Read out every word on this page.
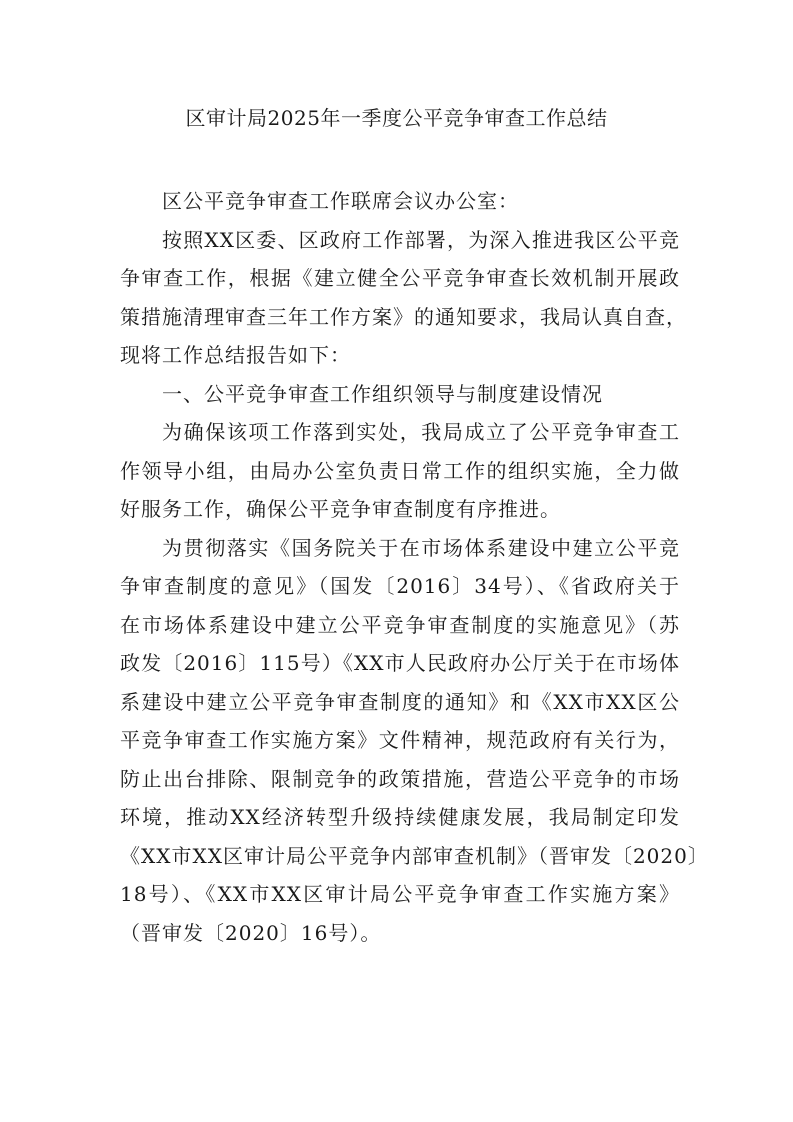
区审计局2025年一季度公平竞争审查工作总结

区公平竞争审查工作联席会议办公室：

按照XX区委、区政府工作部署，为深入推进我区公平竞
争审查工作，根据《建立健全公平竞争审查长效机制开展政
策措施清理审查三年工作方案》的通知要求，我局认真自查，
现将工作总结报告如下：

一、公平竞争审查工作组织领导与制度建设情况

为确保该项工作落到实处，我局成立了公平竞争审查工
作领导小组，由局办公室负责日常工作的组织实施，全力做
好服务工作，确保公平竞争审查制度有序推进。

为贯彻落实《国务院关于在市场体系建设中建立公平竞
争审查制度的意见》（国发〔2016〕34号）、《省政府关于
在市场体系建设中建立公平竞争审查制度的实施意见》（苏
政发〔2016〕115号）《XX市人民政府办公厅关于在市场体
系建设中建立公平竞争审查制度的通知》和《XX市XX区公
平竞争审查工作实施方案》文件精神，规范政府有关行为，
防止出台排除、限制竞争的政策措施，营造公平竞争的市场
环境，推动XX经济转型升级持续健康发展，我局制定印发
《XX市XX区审计局公平竞争内部审查机制》（晋审发〔2020〕
18号）、《XX市XX区审计局公平竞争审查工作实施方案》
（晋审发〔2020〕16号）。
